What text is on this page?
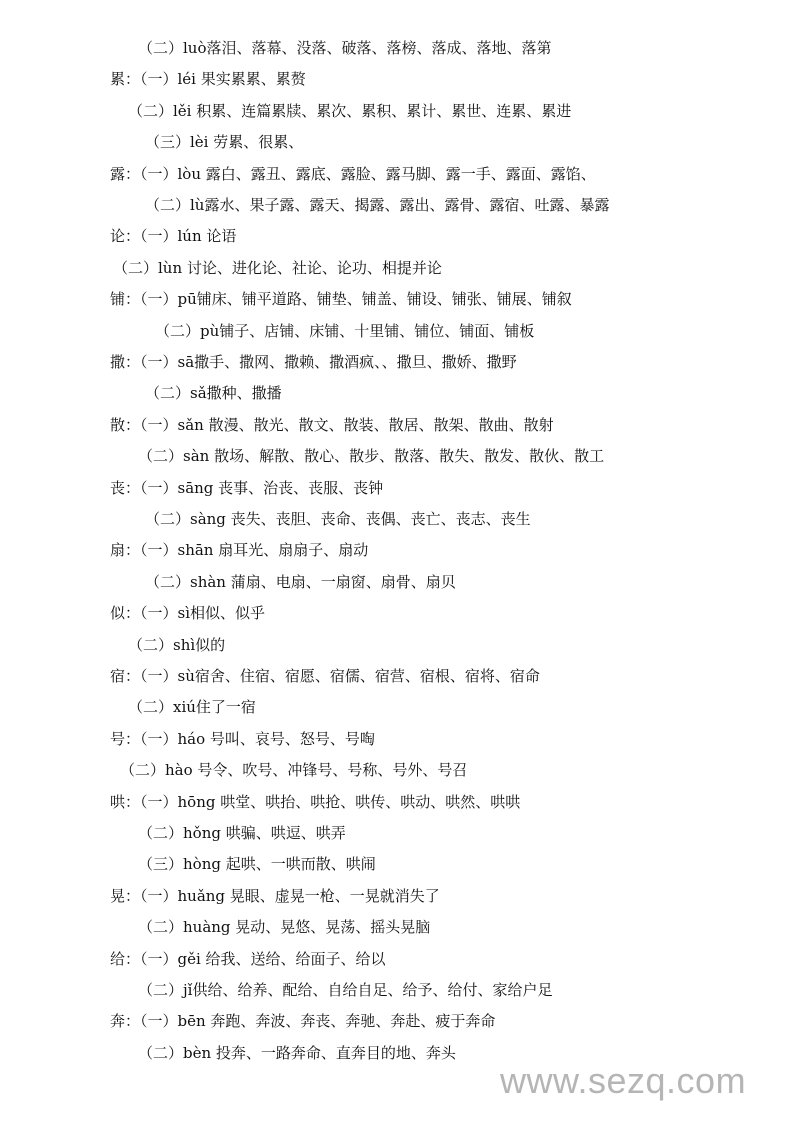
（二）luò落泪、落幕、没落、破落、落榜、落成、落地、落第
累：（一）léi 果实累累、累赘
（二）lěi 积累、连篇累牍、累次、累积、累计、累世、连累、累进
（三）lèi 劳累、很累、
露：（一）lòu 露白、露丑、露底、露脸、露马脚、露一手、露面、露馅、
（二）lù露水、果子露、露天、揭露、露出、露骨、露宿、吐露、暴露
论：（一）lún 论语
（二）lùn 讨论、进化论、社论、论功、相提并论
铺：（一）pū铺床、铺平道路、铺垫、铺盖、铺设、铺张、铺展、铺叙
（二）pù铺子、店铺、床铺、十里铺、铺位、铺面、铺板
撒：（一）sā撒手、撒网、撒赖、撒酒疯、、撒旦、撒娇、撒野
（二）sǎ撒种、撒播
散：（一）sǎn 散漫、散光、散文、散装、散居、散架、散曲、散射
（二）sàn 散场、解散、散心、散步、散落、散失、散发、散伙、散工
丧：（一）sāng 丧事、治丧、丧服、丧钟
（二）sàng 丧失、丧胆、丧命、丧偶、丧亡、丧志、丧生
扇：（一）shān 扇耳光、扇扇子、扇动
（二）shàn 蒲扇、电扇、一扇窗、扇骨、扇贝
似：（一）sì相似、似乎
（二）shì似的
宿：（一）sù宿舍、住宿、宿愿、宿儒、宿营、宿根、宿将、宿命
（二）xiú住了一宿
号：（一）háo 号叫、哀号、怒号、号啕
（二）hào 号令、吹号、冲锋号、号称、号外、号召
哄：（一）hōng 哄堂、哄抬、哄抢、哄传、哄动、哄然、哄哄
（二）hǒng 哄骗、哄逗、哄弄
（三）hòng 起哄、一哄而散、哄闹
晃：（一）huǎng 晃眼、虚晃一枪、一晃就消失了
（二）huàng 晃动、晃悠、晃荡、摇头晃脑
给：（一）gěi 给我、送给、给面子、给以
（二）jǐ供给、给养、配给、自给自足、给予、给付、家给户足
奔：（一）bēn 奔跑、奔波、奔丧、奔驰、奔赴、疲于奔命
（二）bèn 投奔、一路奔命、直奔目的地、奔头
www.sezq.com
